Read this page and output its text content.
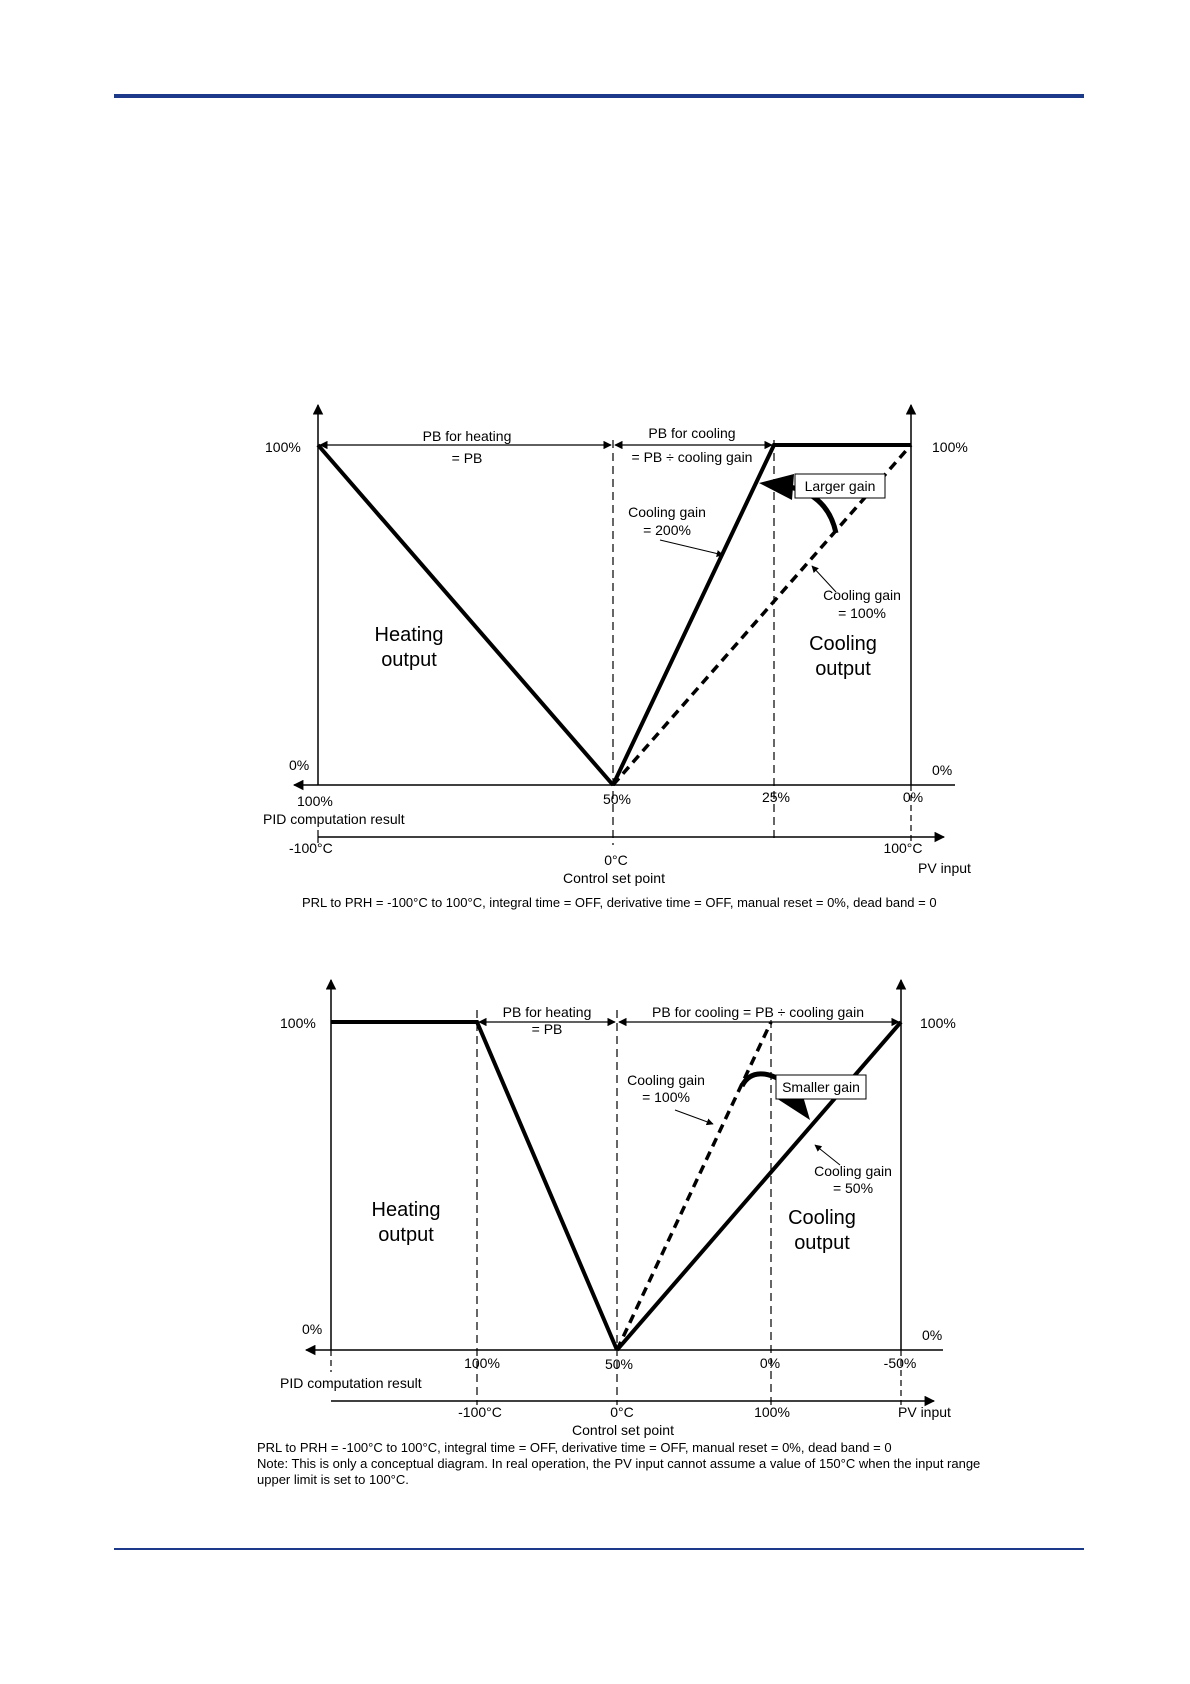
PB for heating
= PB
PB for cooling
= PB ÷ cooling gain
100%	100%
0%	0%
Larger gain
Cooling gain
= 200%
Cooling gain
= 100%
Heating
output
Cooling
output
100%	50%	25%	0%
PID computation result
-100°C
0°C
Control set point
100°C
PV input
PRL to PRH = -100°C to 100°C, integral time = OFF, derivative time = OFF, manual reset = 0%, dead band = 0
PB for heating
= PB
PB for cooling = PB ÷ cooling gain
100%	100%
0%	0%
Smaller gain
Cooling gain
= 100%
Cooling gain
= 50%
Heating
output
Cooling
output
100%	50%	0%	-50%
PID computation result
-100°C	0°C
Control set point
100%	PV input
PRL to PRH = -100°C to 100°C, integral time = OFF, derivative time = OFF, manual reset = 0%, dead band = 0
Note: This is only a conceptual diagram. In real operation, the PV input cannot assume a value of 150°C when the input range
upper limit is set to 100°C.
